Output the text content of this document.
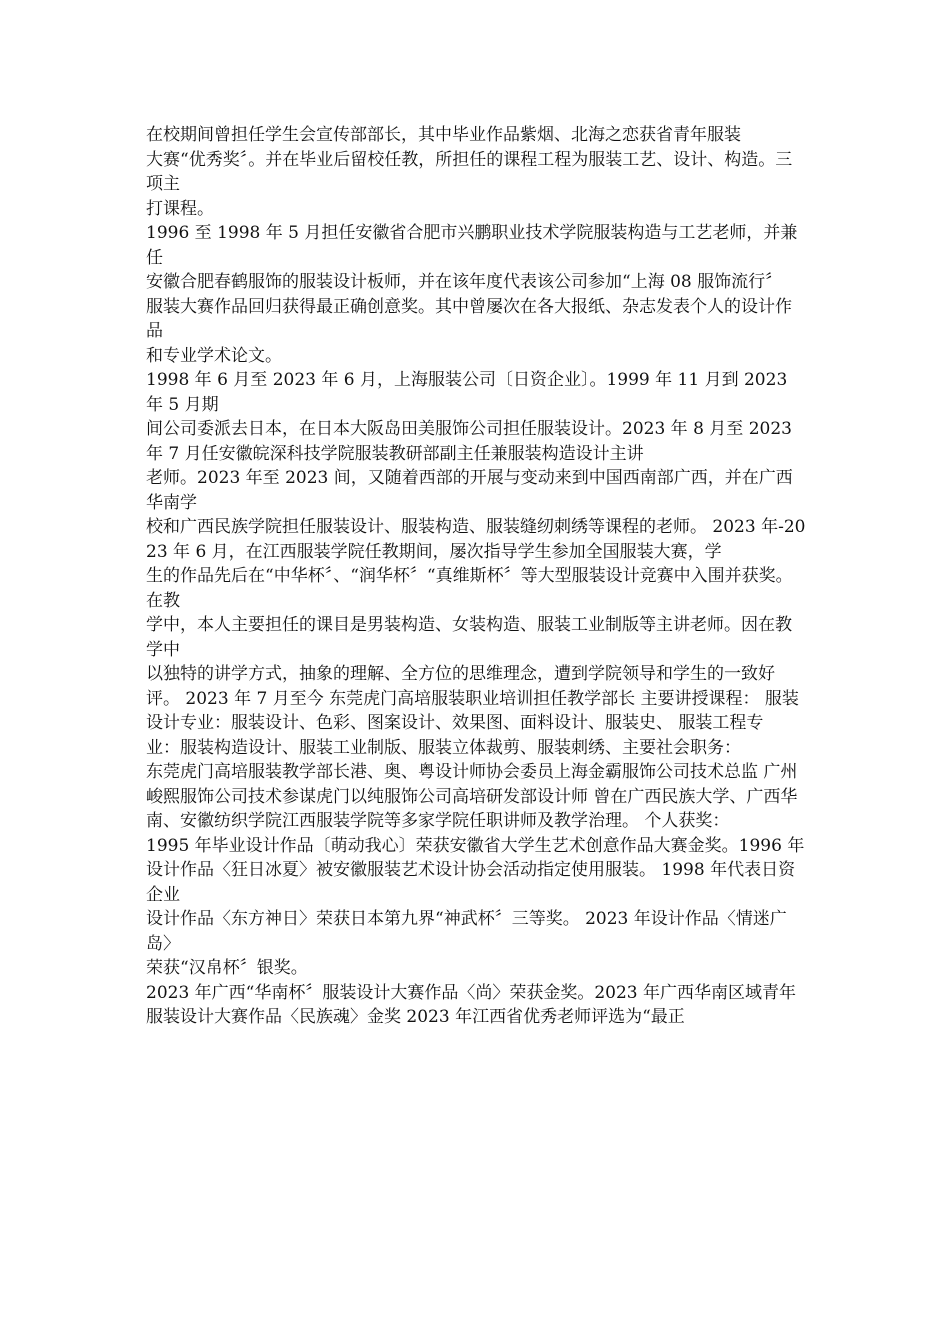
在校期间曾担任学生会宣传部部长，其中毕业作品紫烟、北海之恋获省青年服装
大赛“优秀奖〞。并在毕业后留校任教，所担任的课程工程为服装工艺、设计、构造。三项主
打课程。
1996 至 1998 年 5 月担任安徽省合肥市兴鹏职业技术学院服装构造与工艺老师，并兼任
安徽合肥春鹤服饰的服装设计板师，并在该年度代表该公司参加“上海 08 服饰流行〞
服装大赛作品回归获得最正确创意奖。其中曾屡次在各大报纸、杂志发表个人的设计作品
和专业学术论文。
1998 年 6 月至 2023 年 6 月，上海服装公司〔日资企业〕。1999 年 11 月到 2023 年 5 月期
间公司委派去日本，在日本大阪岛田美服饰公司担任服装设计。2023 年 8 月至 2023 年 7 月任安徽皖深科技学院服装教研部副主任兼服装构造设计主讲
老师。2023 年至 2023 间，又随着西部的开展与变动来到中国西南部广西，并在广西华南学
校和广西民族学院担任服装设计、服装构造、服装缝纫刺绣等课程的老师。 2023 年-2023 年 6 月，在江西服装学院任教期间，屡次指导学生参加全国服装大赛，学
生的作品先后在“中华杯〞、“润华杯〞“真维斯杯〞等大型服装设计竞赛中入围并获奖。在教
学中，本人主要担任的课目是男装构造、女装构造、服装工业制版等主讲老师。因在教学中
以独特的讲学方式，抽象的理解、全方位的思维理念，遭到学院领导和学生的一致好评。 2023 年 7 月至今 东莞虎门高培服装职业培训担任教学部长 主要讲授课程： 服装设计专业：服装设计、色彩、图案设计、效果图、面料设计、服装史、 服装工程专
业：服装构造设计、服装工业制版、服装立体裁剪、服装刺绣、主要社会职务：
东莞虎门高培服装教学部长港、奥、粤设计师协会委员上海金霸服饰公司技术总监 广州峻熙服饰公司技术参谋虎门以纯服饰公司高培研发部设计师 曾在广西民族大学、广西华南、安徽纺织学院江西服装学院等多家学院任职讲师及教学治理。 个人获奖：
1995 年毕业设计作品〔萌动我心〕荣获安徽省大学生艺术创意作品大赛金奖。1996 年
设计作品〈狂日冰夏〉被安徽服装艺术设计协会活动指定使用服装。 1998 年代表日资企业
设计作品〈东方神日〉荣获日本第九界“神武杯〞三等奖。 2023 年设计作品〈情迷广岛〉
荣获“汉帛杯〞银奖。
2023 年广西“华南杯〞服装设计大赛作品〈尚〉荣获金奖。2023 年广西华南区域青年服装设计大赛作品〈民族魂〉金奖 2023 年江西省优秀老师评选为“最正
